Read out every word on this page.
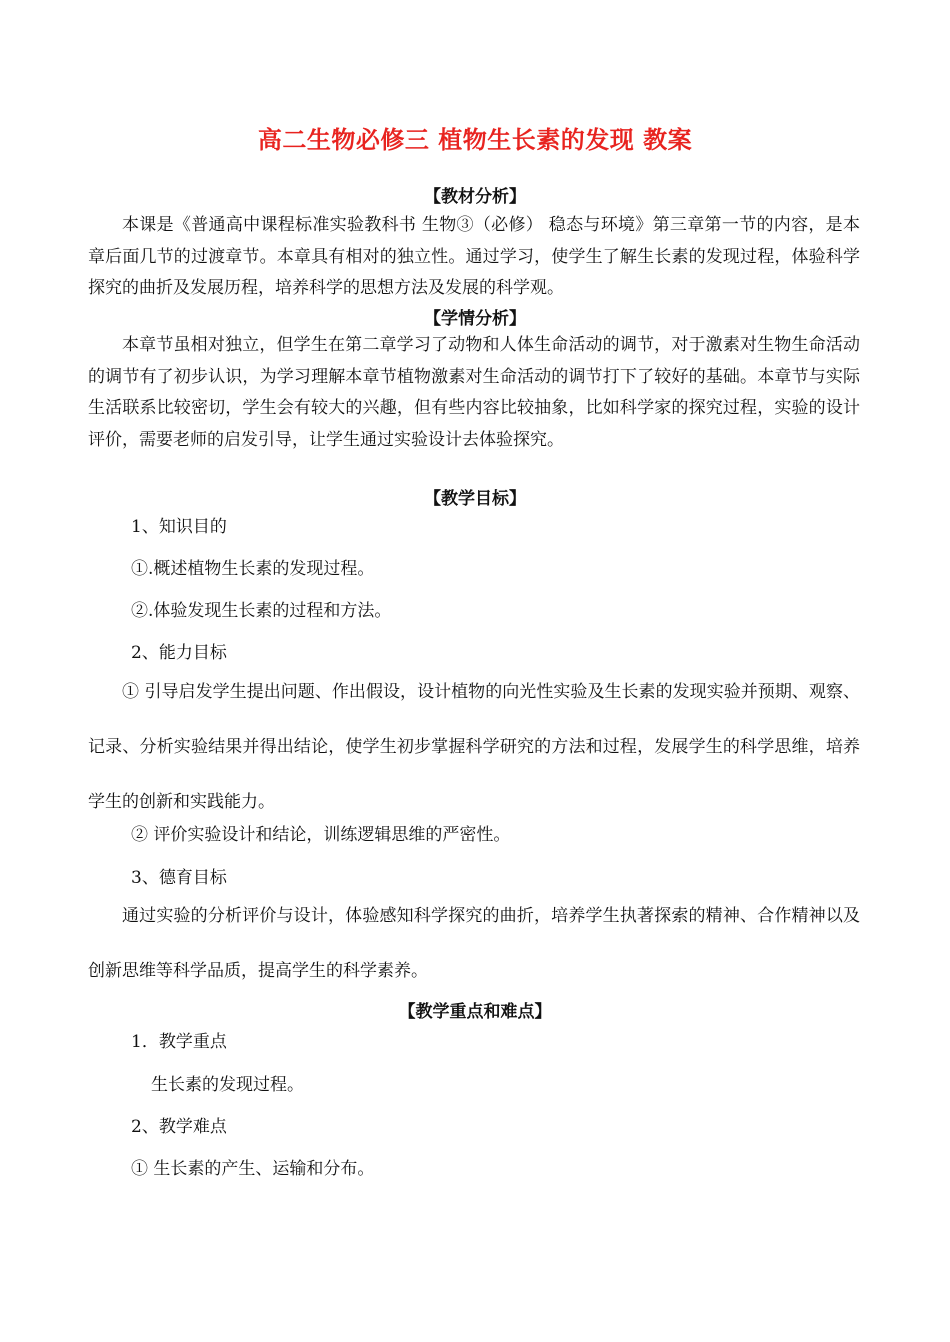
高二生物必修三 植物生长素的发现 教案
【教材分析】

本课是《普通高中课程标准实验教科书 生物③（必修） 稳态与环境》第三章第一节的内容，是本章后面几节的过渡章节。本章具有相对的独立性。通过学习，使学生了解生长素的发现过程，体验科学探究的曲折及发展历程，培养科学的思想方法及发展的科学观。

【学情分析】

本章节虽相对独立，但学生在第二章学习了动物和人体生命活动的调节，对于激素对生物生命活动的调节有了初步认识，为学习理解本章节植物激素对生命活动的调节打下了较好的基础。本章节与实际生活联系比较密切，学生会有较大的兴趣，但有些内容比较抽象，比如科学家的探究过程，实验的设计评价，需要老师的启发引导，让学生通过实验设计去体验探究。

【教学目标】
1、知识目的
①.概述植物生长素的发现过程。
②.体验发现生长素的过程和方法。
2、能力目标

① 引导启发学生提出问题、作出假设，设计植物的向光性实验及生长素的发现实验并预期、观察、记录、分析实验结果并得出结论，使学生初步掌握科学研究的方法和过程，发展学生的科学思维，培养学生的创新和实践能力。

② 评价实验设计和结论，训练逻辑思维的严密性。
3、德育目标

通过实验的分析评价与设计，体验感知科学探究的曲折，培养学生执著探索的精神、合作精神以及创新思维等科学品质，提高学生的科学素养。

【教学重点和难点】
1．教学重点
生长素的发现过程。
2、教学难点
① 生长素的产生、运输和分布。
